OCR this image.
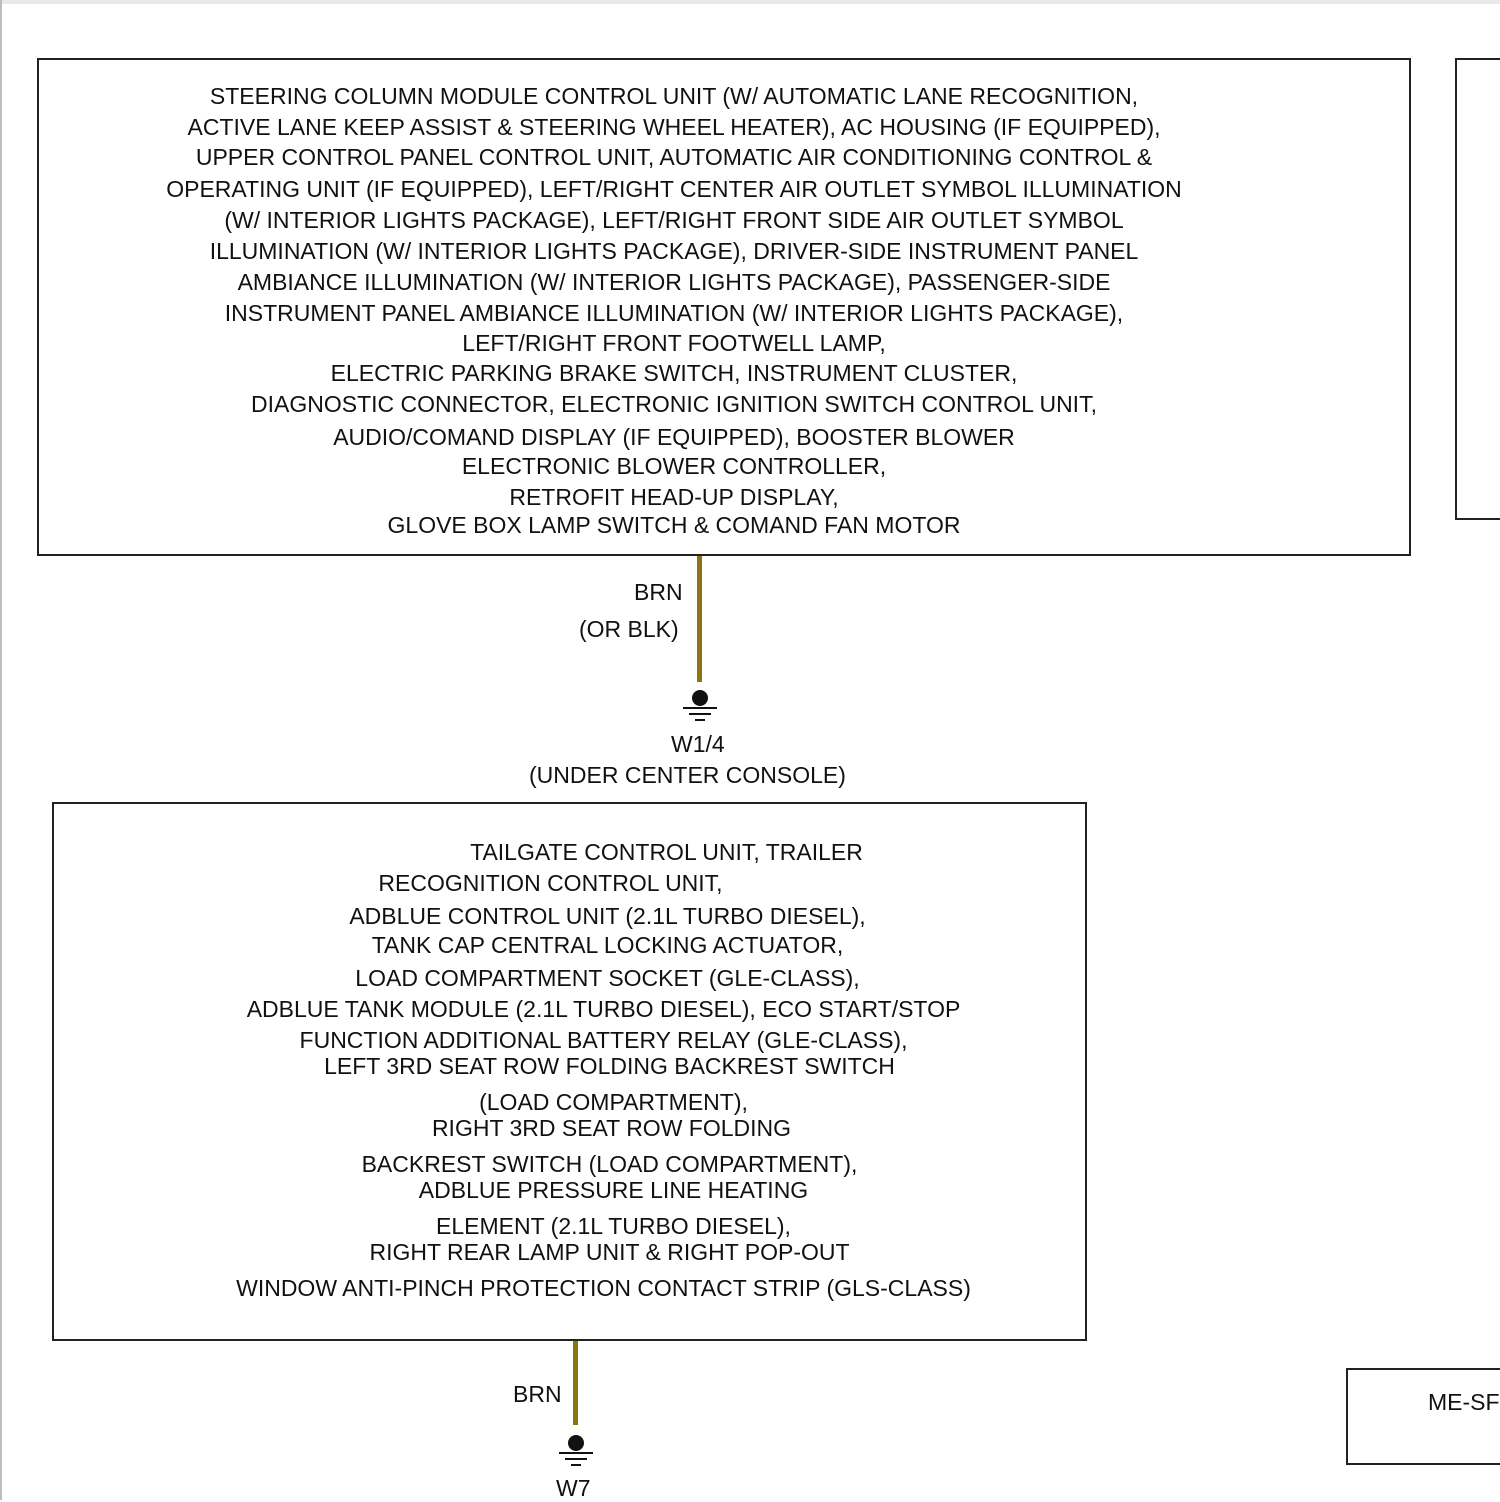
STEERING COLUMN MODULE CONTROL UNIT (W/ AUTOMATIC LANE RECOGNITION,
ACTIVE LANE KEEP ASSIST & STEERING WHEEL HEATER), AC HOUSING (IF EQUIPPED),
UPPER CONTROL PANEL CONTROL UNIT, AUTOMATIC AIR CONDITIONING CONTROL &
OPERATING UNIT (IF EQUIPPED), LEFT/RIGHT CENTER AIR OUTLET SYMBOL ILLUMINATION
(W/ INTERIOR LIGHTS PACKAGE), LEFT/RIGHT FRONT SIDE AIR OUTLET SYMBOL
ILLUMINATION (W/ INTERIOR LIGHTS PACKAGE), DRIVER-SIDE INSTRUMENT PANEL
AMBIANCE ILLUMINATION (W/ INTERIOR LIGHTS PACKAGE), PASSENGER-SIDE
INSTRUMENT PANEL AMBIANCE ILLUMINATION (W/ INTERIOR LIGHTS PACKAGE),
LEFT/RIGHT FRONT FOOTWELL LAMP,
ELECTRIC PARKING BRAKE SWITCH, INSTRUMENT CLUSTER,
DIAGNOSTIC CONNECTOR, ELECTRONIC IGNITION SWITCH CONTROL UNIT,
AUDIO/COMAND DISPLAY (IF EQUIPPED), BOOSTER BLOWER
ELECTRONIC BLOWER CONTROLLER,
RETROFIT HEAD-UP DISPLAY,
GLOVE BOX LAMP SWITCH & COMAND FAN MOTOR
BRN
(OR BLK)
W1/4
(UNDER CENTER CONSOLE)
TAILGATE CONTROL UNIT, TRAILER
RECOGNITION CONTROL UNIT,
ADBLUE CONTROL UNIT (2.1L TURBO DIESEL),
TANK CAP CENTRAL LOCKING ACTUATOR,
LOAD COMPARTMENT SOCKET (GLE-CLASS),
ADBLUE TANK MODULE (2.1L TURBO DIESEL), ECO START/STOP
FUNCTION ADDITIONAL BATTERY RELAY (GLE-CLASS),
LEFT 3RD SEAT ROW FOLDING BACKREST SWITCH
(LOAD COMPARTMENT),
RIGHT 3RD SEAT ROW FOLDING
BACKREST SWITCH (LOAD COMPARTMENT),
ADBLUE PRESSURE LINE HEATING
ELEMENT (2.1L TURBO DIESEL),
RIGHT REAR LAMP UNIT & RIGHT POP-OUT
WINDOW ANTI-PINCH PROTECTION CONTACT STRIP (GLS-CLASS)
BRN
W7
ME-SF
